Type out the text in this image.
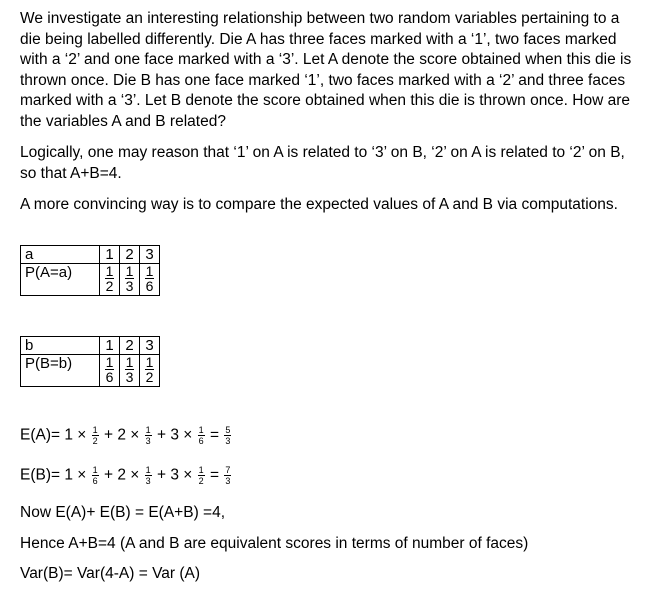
We investigate an interesting relationship between two random variables pertaining to a die being labelled differently. Die A has three faces marked with a ‘1’, two faces marked with a ‘2’ and one face marked with a ‘3’. Let A denote the score obtained when this die is thrown once. Die B has one face marked ‘1’, two faces marked with a ‘2’ and three faces marked with a ‘3’. Let B denote the score obtained when this die is thrown once. How are the variables A and B related?

Logically, one may reason that ‘1’ on A is related to ‘3’ on B, ‘2’ on A is related to ‘2’ on B, so that A+B=4.

A more convincing way is to compare the expected values of A and B via computations.

a	1	2	3
P(A=a)	$\frac{1}{2}$	$\frac{1}{3}$	$\frac{1}{6}$
b	1	2	3
P(B=b)	$\frac{1}{6}$	$\frac{1}{3}$	$\frac{1}{2}$
$E(A)= 1 \times \frac{1}{2} + 2 \times \frac{1}{3} + 3 \times \frac{1}{6} = \frac{5}{3}$
$E(B)= 1 \times \frac{1}{6} + 2 \times \frac{1}{3} + 3 \times \frac{1}{2} = \frac{7}{3}$
Now E(A)+ E(B) = E(A+B) =4,
Hence A+B=4 (A and B are equivalent scores in terms of number of faces)
Var(B)= Var(4-A) = Var (A)
